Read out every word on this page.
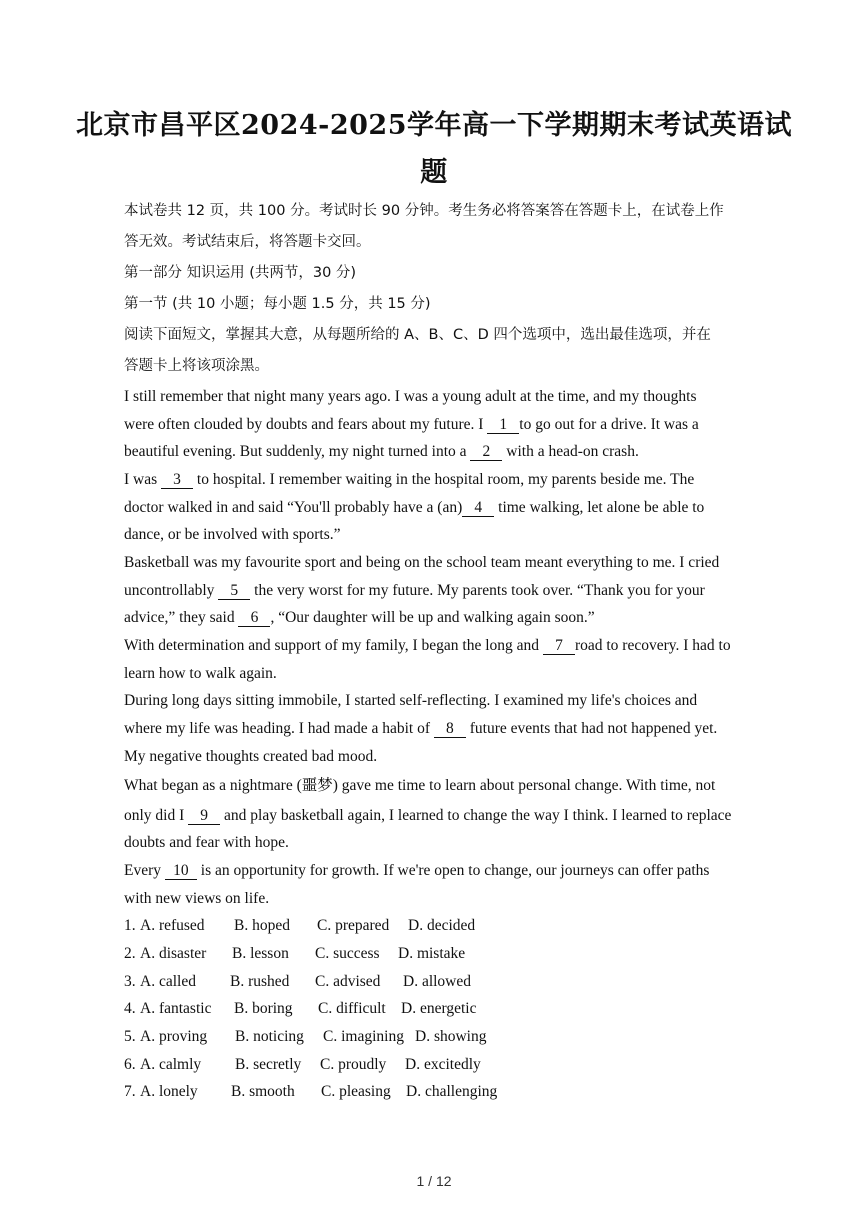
北京市昌平区2024-2025学年高一下学期期末考试英语试
题
本试卷共 12 页，共 100 分。考试时长 90 分钟。考生务必将答案答在答题卡上，在试卷上作
答无效。考试结束后，将答题卡交回。
第一部分 知识运用 (共两节，30 分)
第一节 (共 10 小题；每小题 1.5 分，共 15 分)
阅读下面短文，掌握其大意，从每题所给的 A、B、C、D 四个选项中，选出最佳选项，并在
答题卡上将该项涂黑。
I still remember that night many years ago. I was a young adult at the time, and my thoughts
were often clouded by doubts and fears about my future. I 1 to go out for a drive. It was a
beautiful evening. But suddenly, my night turned into a 2 with a head-on crash.
I was 3 to hospital. I remember waiting in the hospital room, my parents beside me. The
doctor walked in and said “You'll probably have a (an) 4 time walking, let alone be able to
dance, or be involved with sports.”
Basketball was my favourite sport and being on the school team meant everything to me. I cried
uncontrollably 5 the very worst for my future. My parents took over. “Thank you for your
advice,” they said 6 , “Our daughter will be up and walking again soon.”
With determination and support of my family, I began the long and 7 road to recovery. I had to
learn how to walk again.
During long days sitting immobile, I started self-reflecting. I examined my life's choices and
where my life was heading. I had made a habit of 8 future events that had not happened yet.
My negative thoughts created bad mood.
What began as a nightmare (噩梦) gave me time to learn about personal change. With time, not
only did I 9 and play basketball again, I learned to change the way I think. I learned to replace
doubts and fear with hope.
Every 10 is an opportunity for growth. If we're open to change, our journeys can offer paths
with new views on life.
1. A. refused B. hoped C. prepared D. decided
2. A. disaster B. lesson C. success D. mistake
3. A. called B. rushed C. advised D. allowed
4. A. fantastic B. boring C. difficult D. energetic
5. A. proving B. noticing C. imagining D. showing
6. A. calmly B. secretly C. proudly D. excitedly
7. A. lonely B. smooth C. pleasing D. challenging
1 / 12
